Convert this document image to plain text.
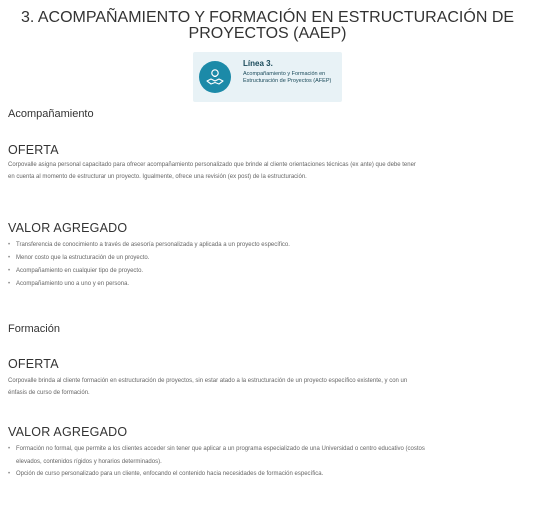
3. ACOMPAÑAMIENTO Y FORMACIÓN EN ESTRUCTURACIÓN DE PROYECTOS (AAEP)
Línea 3.
Acompañamiento y Formación en Estructuración de Proyectos (AFEP)
Acompañamiento
OFERTA
Corpovalle asigna personal capacitado para ofrecer acompañamiento personalizado que brinde al cliente orientaciones técnicas (ex ante) que debe tener en cuenta al momento de estructurar un proyecto. Igualmente, ofrece una revisión (ex post) de la estructuración.
VALOR AGREGADO
• Transferencia de conocimiento a través de asesoría personalizada y aplicada a un proyecto específico.
• Menor costo que la estructuración de un proyecto.
• Acompañamiento en cualquier tipo de proyecto.
• Acompañamiento uno a uno y en persona.
Formación
OFERTA
Corpovalle brinda al cliente formación en estructuración de proyectos, sin estar atado a la estructuración de un proyecto específico existente, y con un énfasis de curso de formación.
VALOR AGREGADO
• Formación no formal, que permite a los clientes acceder sin tener que aplicar a un programa especializado de una Universidad o centro educativo (costos elevados, contenidos rígidos y horarios determinados).
• Opción de curso personalizado para un cliente, enfocando el contenido hacia necesidades de formación específica.
